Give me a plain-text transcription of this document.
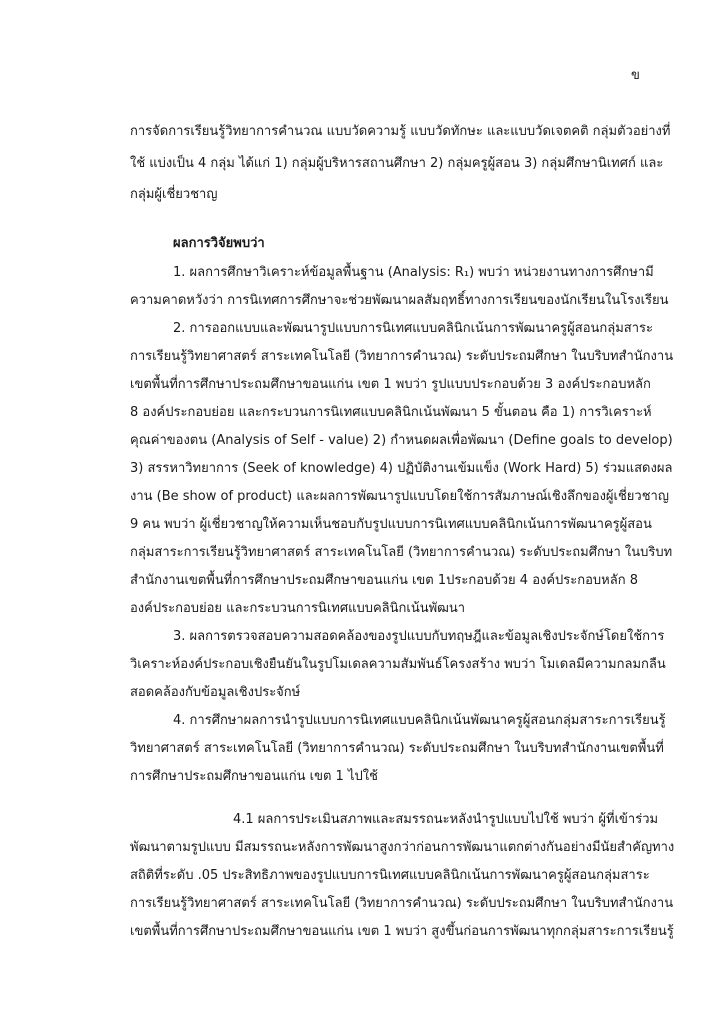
ข
การจัดการเรียนรู้วิทยาการคำนวณ แบบวัดความรู้ แบบวัดทักษะ และแบบวัดเจตคติ กลุ่มตัวอย่างที่
ใช้ แบ่งเป็น 4 กลุ่ม ได้แก่ 1) กลุ่มผู้บริหารสถานศึกษา 2) กลุ่มครูผู้สอน 3) กลุ่มศึกษานิเทศก์ และ
กลุ่มผู้เชี่ยวชาญ
ผลการวิจัยพบว่า
1. ผลการศึกษาวิเคราะห์ข้อมูลพื้นฐาน (Analysis: R₁) พบว่า หน่วยงานทางการศึกษามี
ความคาดหวังว่า การนิเทศการศึกษาจะช่วยพัฒนาผลสัมฤทธิ์ทางการเรียนของนักเรียนในโรงเรียน
2. การออกแบบและพัฒนารูปแบบการนิเทศแบบคลินิกเน้นการพัฒนาครูผู้สอนกลุ่มสาระ
การเรียนรู้วิทยาศาสตร์ สาระเทคโนโลยี (วิทยาการคำนวณ) ระดับประถมศึกษา ในบริบทสำนักงาน
เขตพื้นที่การศึกษาประถมศึกษาขอนแก่น เขต 1 พบว่า รูปแบบประกอบด้วย 3 องค์ประกอบหลัก
8 องค์ประกอบย่อย และกระบวนการนิเทศแบบคลินิกเน้นพัฒนา 5 ขั้นตอน คือ 1) การวิเคราะห์
คุณค่าของตน (Analysis of Self - value) 2) กำหนดผลเพื่อพัฒนา (Define goals to develop)
3) สรรหาวิทยาการ (Seek of knowledge) 4) ปฏิบัติงานเข้มแข็ง (Work Hard) 5) ร่วมแสดงผล
งาน (Be show of product) และผลการพัฒนารูปแบบโดยใช้การสัมภาษณ์เชิงลึกของผู้เชี่ยวชาญ
9 คน พบว่า ผู้เชี่ยวชาญให้ความเห็นชอบกับรูปแบบการนิเทศแบบคลินิกเน้นการพัฒนาครูผู้สอน
กลุ่มสาระการเรียนรู้วิทยาศาสตร์ สาระเทคโนโลยี (วิทยาการคำนวณ) ระดับประถมศึกษา ในบริบท
สำนักงานเขตพื้นที่การศึกษาประถมศึกษาขอนแก่น เขต 1ประกอบด้วย 4 องค์ประกอบหลัก 8
องค์ประกอบย่อย และกระบวนการนิเทศแบบคลินิกเน้นพัฒนา
3. ผลการตรวจสอบความสอดคล้องของรูปแบบกับทฤษฎีและข้อมูลเชิงประจักษ์โดยใช้การ
วิเคราะห์องค์ประกอบเชิงยืนยันในรูปโมเดลความสัมพันธ์โครงสร้าง พบว่า โมเดลมีความกลมกลืน
สอดคล้องกับข้อมูลเชิงประจักษ์
4. การศึกษาผลการนำรูปแบบการนิเทศแบบคลินิกเน้นพัฒนาครูผู้สอนกลุ่มสาระการเรียนรู้
วิทยาศาสตร์ สาระเทคโนโลยี (วิทยาการคำนวณ) ระดับประถมศึกษา ในบริบทสำนักงานเขตพื้นที่
การศึกษาประถมศึกษาขอนแก่น เขต 1 ไปใช้
4.1 ผลการประเมินสภาพและสมรรถนะหลังนำรูปแบบไปใช้ พบว่า ผู้ที่เข้าร่วม
พัฒนาตามรูปแบบ มีสมรรถนะหลังการพัฒนาสูงกว่าก่อนการพัฒนาแตกต่างกันอย่างมีนัยสำคัญทาง
สถิติที่ระดับ .05 ประสิทธิภาพของรูปแบบการนิเทศแบบคลินิกเน้นการพัฒนาครูผู้สอนกลุ่มสาระ
การเรียนรู้วิทยาศาสตร์ สาระเทคโนโลยี (วิทยาการคำนวณ) ระดับประถมศึกษา ในบริบทสำนักงาน
เขตพื้นที่การศึกษาประถมศึกษาขอนแก่น เขต 1 พบว่า สูงขึ้นก่อนการพัฒนาทุกกลุ่มสาระการเรียนรู้
